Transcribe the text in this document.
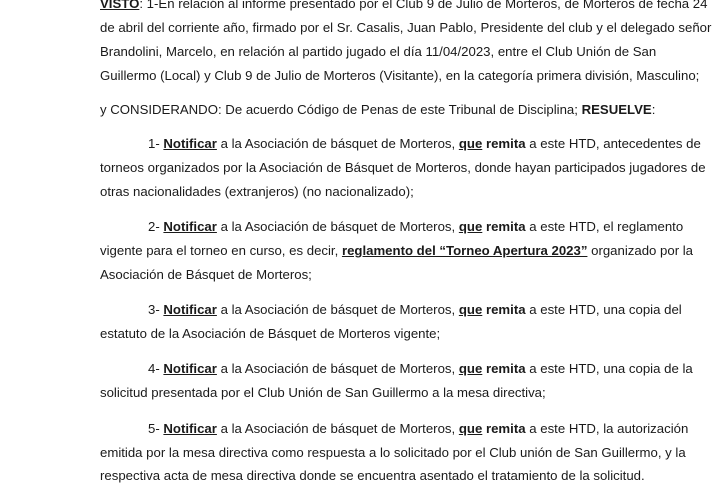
VISTO: 1-En relación al informe presentado por el Club 9 de Julio de Morteros, de Morteros de fecha 24
de abril del corriente año, firmado por el Sr. Casalis, Juan Pablo, Presidente del club y el delegado señor
Brandolini, Marcelo, en relación al partido jugado el día 11/04/2023, entre el Club Unión de San
Guillermo (Local) y Club 9 de Julio de Morteros (Visitante), en la categoría primera división, Masculino;
y CONSIDERANDO: De acuerdo Código de Penas de este Tribunal de Disciplina; RESUELVE:
1- Notificar a la Asociación de básquet de Morteros, que remita a este HTD, antecedentes de
torneos organizados por la Asociación de Básquet de Morteros, donde hayan participados jugadores de
otras nacionalidades (extranjeros) (no nacionalizado);
2- Notificar a la Asociación de básquet de Morteros, que remita a este HTD, el reglamento
vigente para el torneo en curso, es decir, reglamento del “Torneo Apertura 2023” organizado por la
Asociación de Básquet de Morteros;
3- Notificar a la Asociación de básquet de Morteros, que remita a este HTD, una copia del
estatuto de la Asociación de Básquet de Morteros vigente;
4- Notificar a la Asociación de básquet de Morteros, que remita a este HTD, una copia de la
solicitud presentada por el Club Unión de San Guillermo a la mesa directiva;
5- Notificar a la Asociación de básquet de Morteros, que remita a este HTD, la autorización
emitida por la mesa directiva como respuesta a lo solicitado por el Club unión de San Guillermo, y la
respectiva acta de mesa directiva donde se encuentra asentado el tratamiento de la solicitud.
